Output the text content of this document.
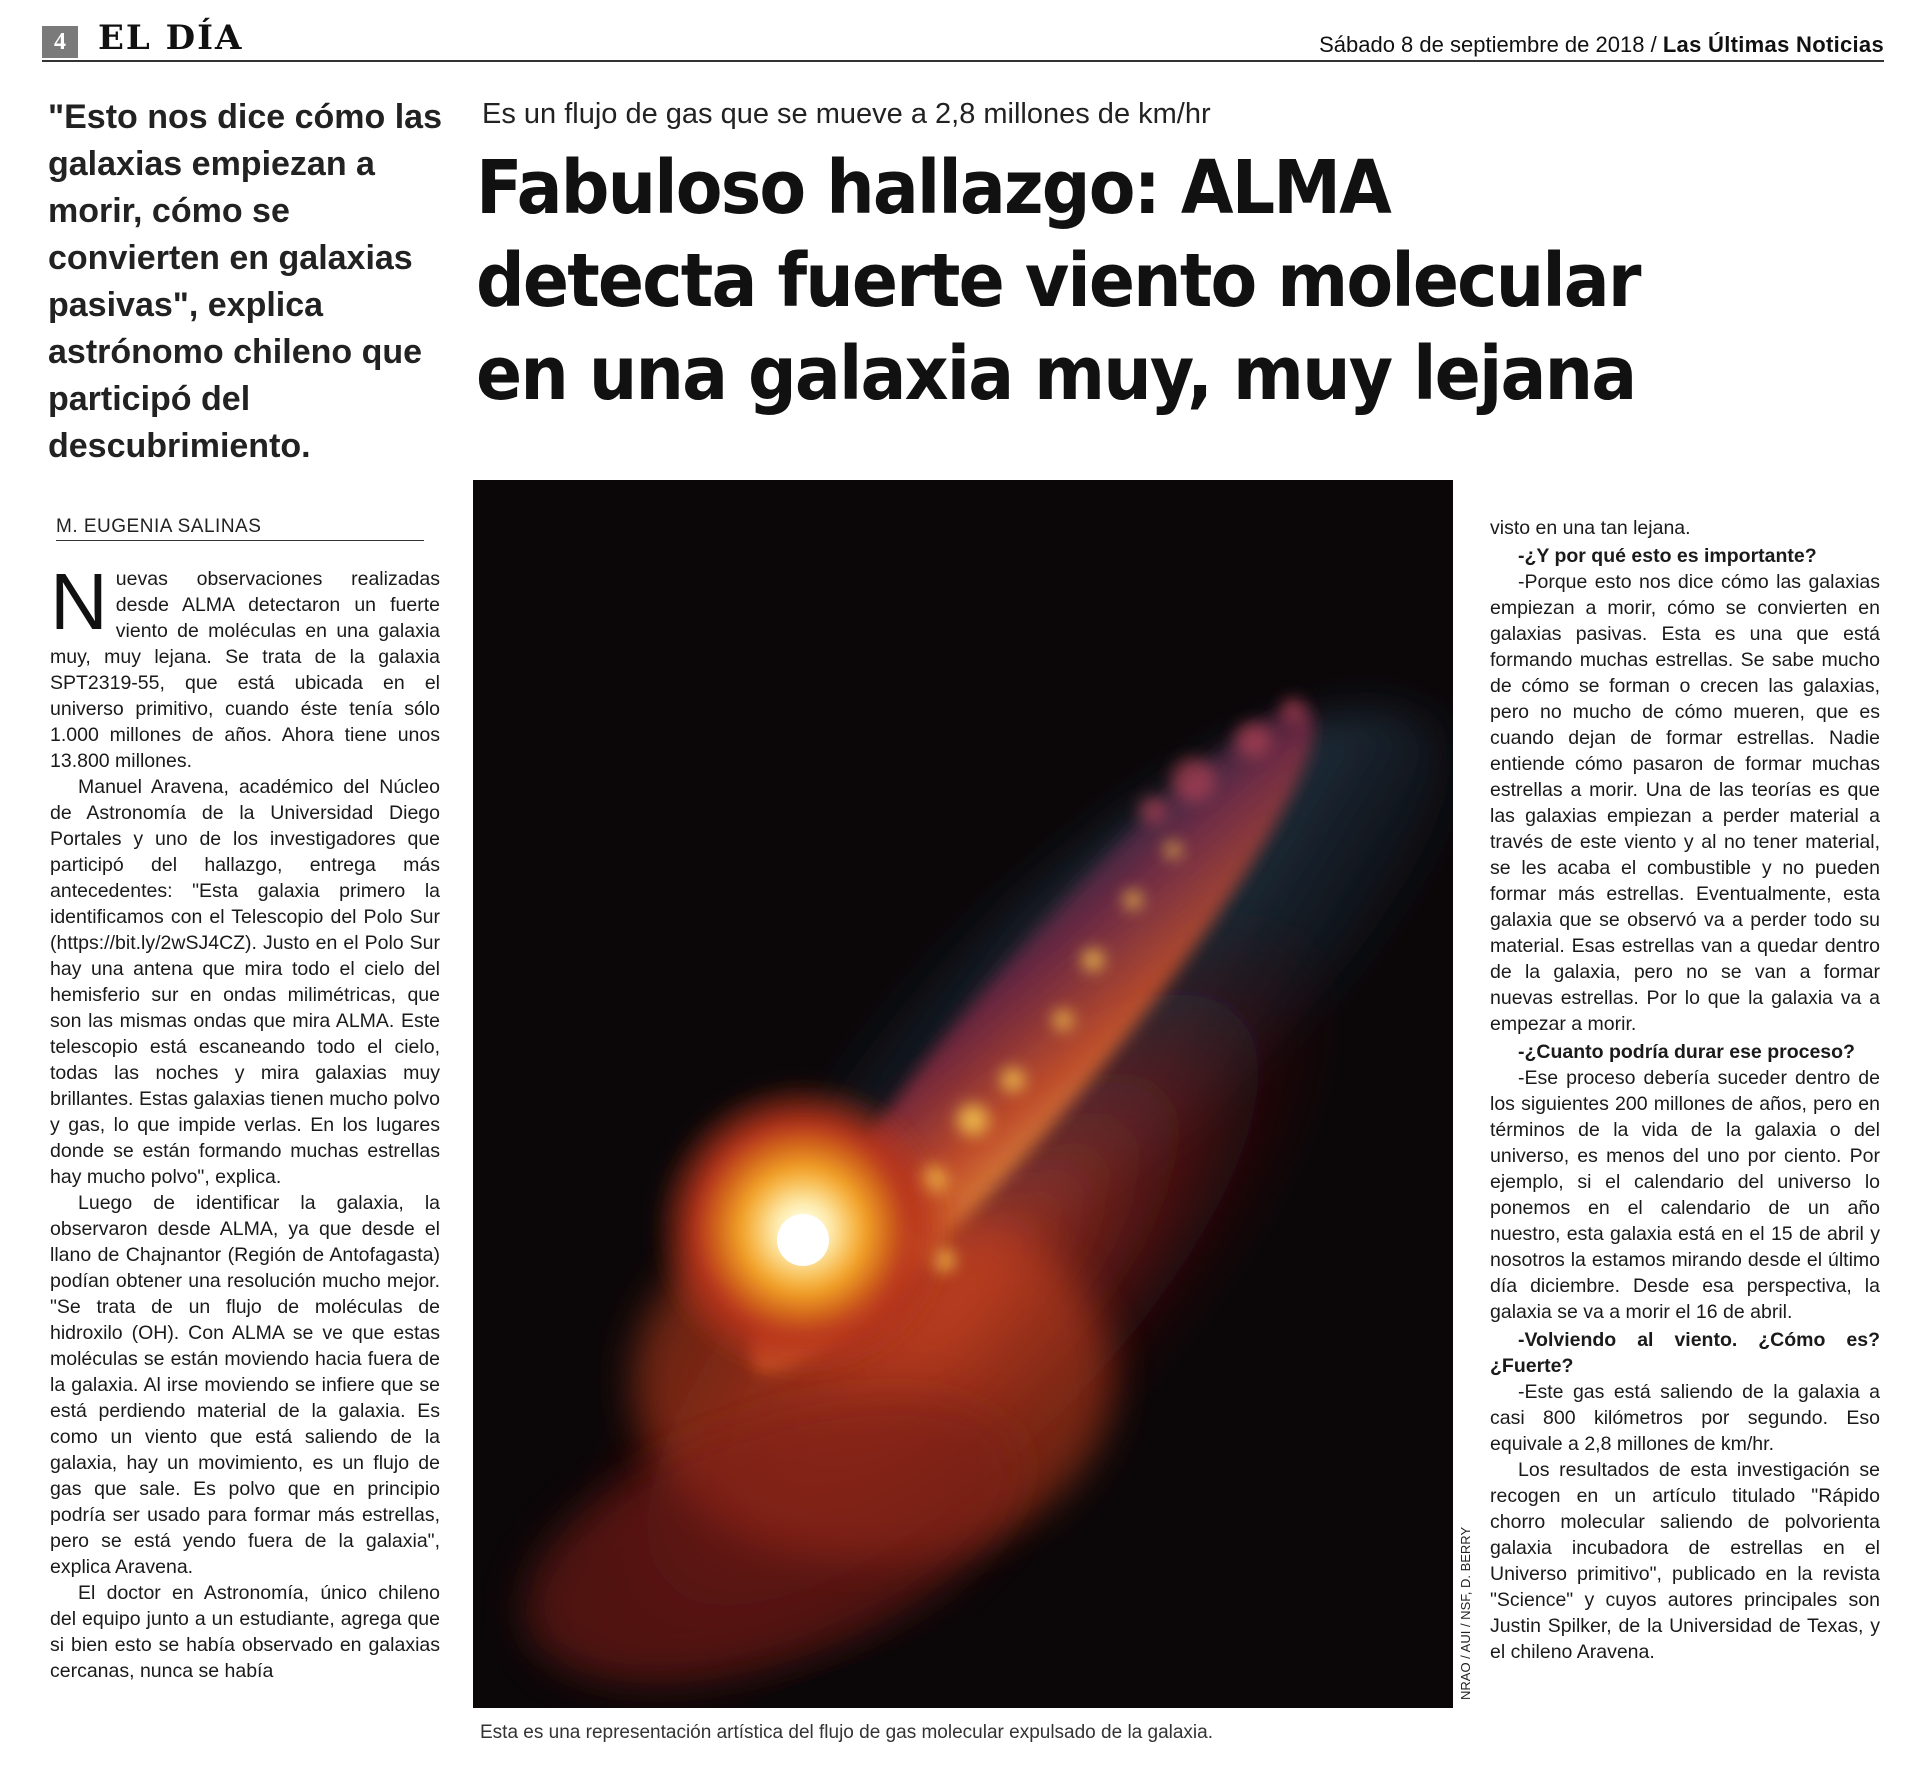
4 EL DÍA	Sábado 8 de septiembre de 2018 / Las Últimas Noticias
"Esto nos dice cómo las galaxias empiezan a morir, cómo se convierten en galaxias pasivas", explica astrónomo chileno que participó del descubrimiento.
Es un flujo de gas que se mueve a 2,8 millones de km/hr
Fabuloso hallazgo: ALMA detecta fuerte viento molecular en una galaxia muy, muy lejana
M. EUGENIA SALINAS

Nuevas observaciones realizadas desde ALMA detectaron un fuerte viento de moléculas en una galaxia muy, muy lejana. Se trata de la galaxia SPT2319-55, que está ubicada en el universo primitivo, cuando éste tenía sólo 1.000 millones de años. Ahora tiene unos 13.800 millones.

Manuel Aravena, académico del Núcleo de Astronomía de la Universidad Diego Portales y uno de los investigadores que participó del hallazgo, entrega más antecedentes: "Esta galaxia primero la identificamos con el Telescopio del Polo Sur (https://bit.ly/2wSJ4CZ). Justo en el Polo Sur hay una antena que mira todo el cielo del hemisferio sur en ondas milimétricas, que son las mismas ondas que mira ALMA. Este telescopio está escaneando todo el cielo, todas las noches y mira galaxias muy brillantes. Estas galaxias tienen mucho polvo y gas, lo que impide verlas. En los lugares donde se están formando muchas estrellas hay mucho polvo", explica.

Luego de identificar la galaxia, la observaron desde ALMA, ya que desde el llano de Chajnantor (Región de Antofagasta) podían obtener una resolución mucho mejor. "Se trata de un flujo de moléculas de hidroxilo (OH). Con ALMA se ve que estas moléculas se están moviendo hacia fuera de la galaxia. Al irse moviendo se infiere que se está perdiendo material de la galaxia. Es como un viento que está saliendo de la galaxia, hay un movimiento, es un flujo de gas que sale. Es polvo que en principio podría ser usado para formar más estrellas, pero se está yendo fuera de la galaxia", explica Aravena.

El doctor en Astronomía, único chileno del equipo junto a un estudiante, agrega que si bien esto se había observado en galaxias cercanas, nunca se había	NRAO / AUI / NSF, D. BERRY
Esta es una representación artística del flujo de gas molecular expulsado de la galaxia.

visto en una tan lejana.

-¿Y por qué esto es importante?

-Porque esto nos dice cómo las galaxias empiezan a morir, cómo se convierten en galaxias pasivas. Esta es una que está formando muchas estrellas. Se sabe mucho de cómo se forman o crecen las galaxias, pero no mucho de cómo mueren, que es cuando dejan de formar estrellas. Nadie entiende cómo pasaron de formar muchas estrellas a morir. Una de las teorías es que las galaxias empiezan a perder material a través de este viento y al no tener material, se les acaba el combustible y no pueden formar más estrellas. Eventualmente, esta galaxia que se observó va a perder todo su material. Esas estrellas van a quedar dentro de la galaxia, pero no se van a formar nuevas estrellas. Por lo que la galaxia va a empezar a morir.

-¿Cuanto podría durar ese proceso?

-Ese proceso debería suceder dentro de los siguientes 200 millones de años, pero en términos de la vida de la galaxia o del universo, es menos del uno por ciento. Por ejemplo, si el calendario del universo lo ponemos en el calendario de un año nuestro, esta galaxia está en el 15 de abril y nosotros la estamos mirando desde el último día diciembre. Desde esa perspectiva, la galaxia se va a morir el 16 de abril.

-Volviendo al viento. ¿Cómo es? ¿Fuerte?

-Este gas está saliendo de la galaxia a casi 800 kilómetros por segundo. Eso equivale a 2,8 millones de km/hr.

Los resultados de esta investigación se recogen en un artículo titulado "Rápido chorro molecular saliendo de polvorienta galaxia incubadora de estrellas en el Universo primitivo", publicado en la revista "Science" y cuyos autores principales son Justin Spilker, de la Universidad de Texas, y el chileno Aravena.
